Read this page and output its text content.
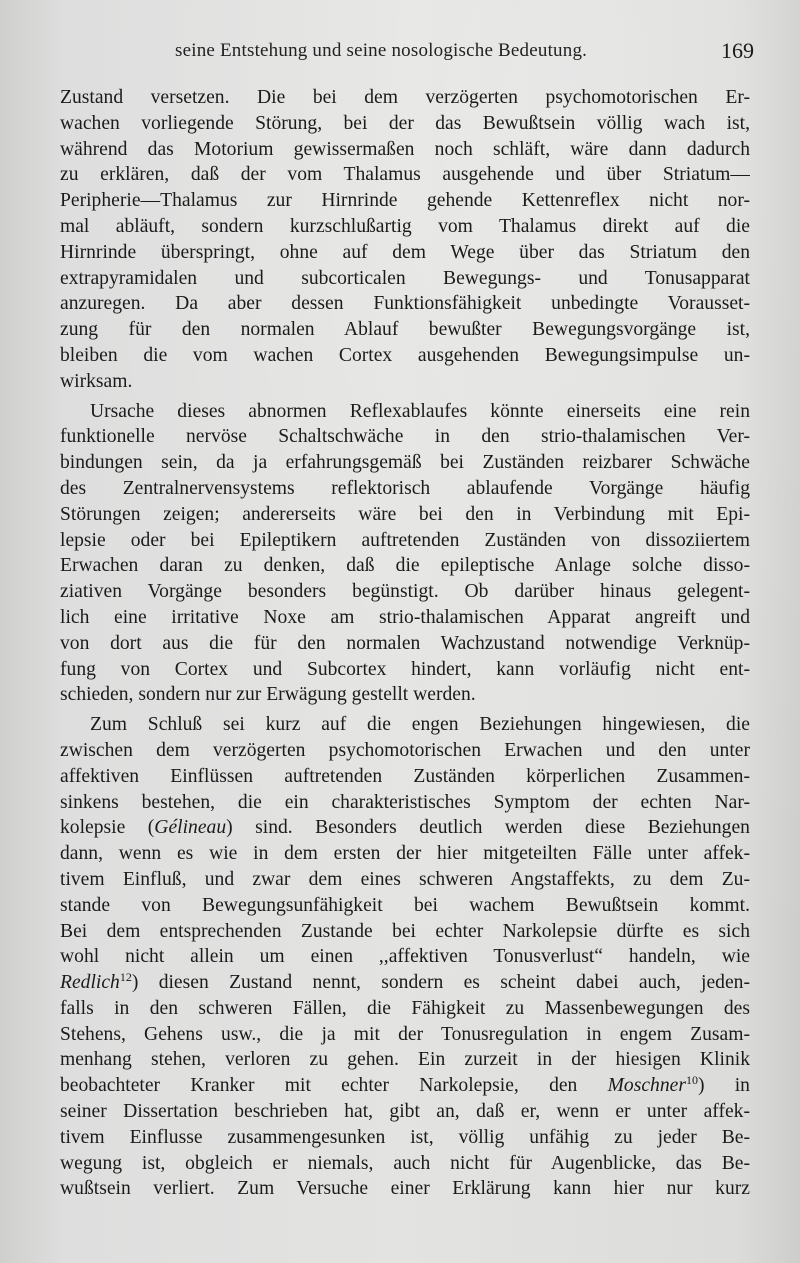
seine Entstehung und seine nosologische Bedeutung.	169
Zustand versetzen. Die bei dem verzögerten psychomotorischen Er-
wachen vorliegende Störung, bei der das Bewußtsein völlig wach ist,
während das Motorium gewissermaßen noch schläft, wäre dann dadurch
zu erklären, daß der vom Thalamus ausgehende und über Striatum—
Peripherie—Thalamus zur Hirnrinde gehende Kettenreflex nicht nor-
mal abläuft, sondern kurzschlußartig vom Thalamus direkt auf die
Hirnrinde überspringt, ohne auf dem Wege über das Striatum den
extrapyramidalen und subcorticalen Bewegungs- und Tonusapparat
anzuregen. Da aber dessen Funktionsfähigkeit unbedingte Vorausset-
zung für den normalen Ablauf bewußter Bewegungsvorgänge ist,
bleiben die vom wachen Cortex ausgehenden Bewegungsimpulse un-
wirksam.
Ursache dieses abnormen Reflexablaufes könnte einerseits eine rein
funktionelle nervöse Schaltschwäche in den strio-thalamischen Ver-
bindungen sein, da ja erfahrungsgemäß bei Zuständen reizbarer Schwäche
des Zentralnervensystems reflektorisch ablaufende Vorgänge häufig
Störungen zeigen; andererseits wäre bei den in Verbindung mit Epi-
lepsie oder bei Epileptikern auftretenden Zuständen von dissoziiertem
Erwachen daran zu denken, daß die epileptische Anlage solche disso-
ziativen Vorgänge besonders begünstigt. Ob darüber hinaus gelegent-
lich eine irritative Noxe am strio-thalamischen Apparat angreift und
von dort aus die für den normalen Wachzustand notwendige Verknüp-
fung von Cortex und Subcortex hindert, kann vorläufig nicht ent-
schieden, sondern nur zur Erwägung gestellt werden.
Zum Schluß sei kurz auf die engen Beziehungen hingewiesen, die
zwischen dem verzögerten psychomotorischen Erwachen und den unter
affektiven Einflüssen auftretenden Zuständen körperlichen Zusammen-
sinkens bestehen, die ein charakteristisches Symptom der echten Nar-
kolepsie (Gélineau) sind. Besonders deutlich werden diese Beziehungen
dann, wenn es wie in dem ersten der hier mitgeteilten Fälle unter affek-
tivem Einfluß, und zwar dem eines schweren Angstaffekts, zu dem Zu-
stande von Bewegungsunfähigkeit bei wachem Bewußtsein kommt.
Bei dem entsprechenden Zustande bei echter Narkolepsie dürfte es sich
wohl nicht allein um einen ,,affektiven Tonusverlust“ handeln, wie
Redlich$^{12}$) diesen Zustand nennt, sondern es scheint dabei auch, jeden-
falls in den schweren Fällen, die Fähigkeit zu Massenbewegungen des
Stehens, Gehens usw., die ja mit der Tonusregulation in engem Zusam-
menhang stehen, verloren zu gehen. Ein zurzeit in der hiesigen Klinik
beobachteter Kranker mit echter Narkolepsie, den Moschner$^{10}$) in
seiner Dissertation beschrieben hat, gibt an, daß er, wenn er unter affek-
tivem Einflusse zusammengesunken ist, völlig unfähig zu jeder Be-
wegung ist, obgleich er niemals, auch nicht für Augenblicke, das Be-
wußtsein verliert. Zum Versuche einer Erklärung kann hier nur kurz
